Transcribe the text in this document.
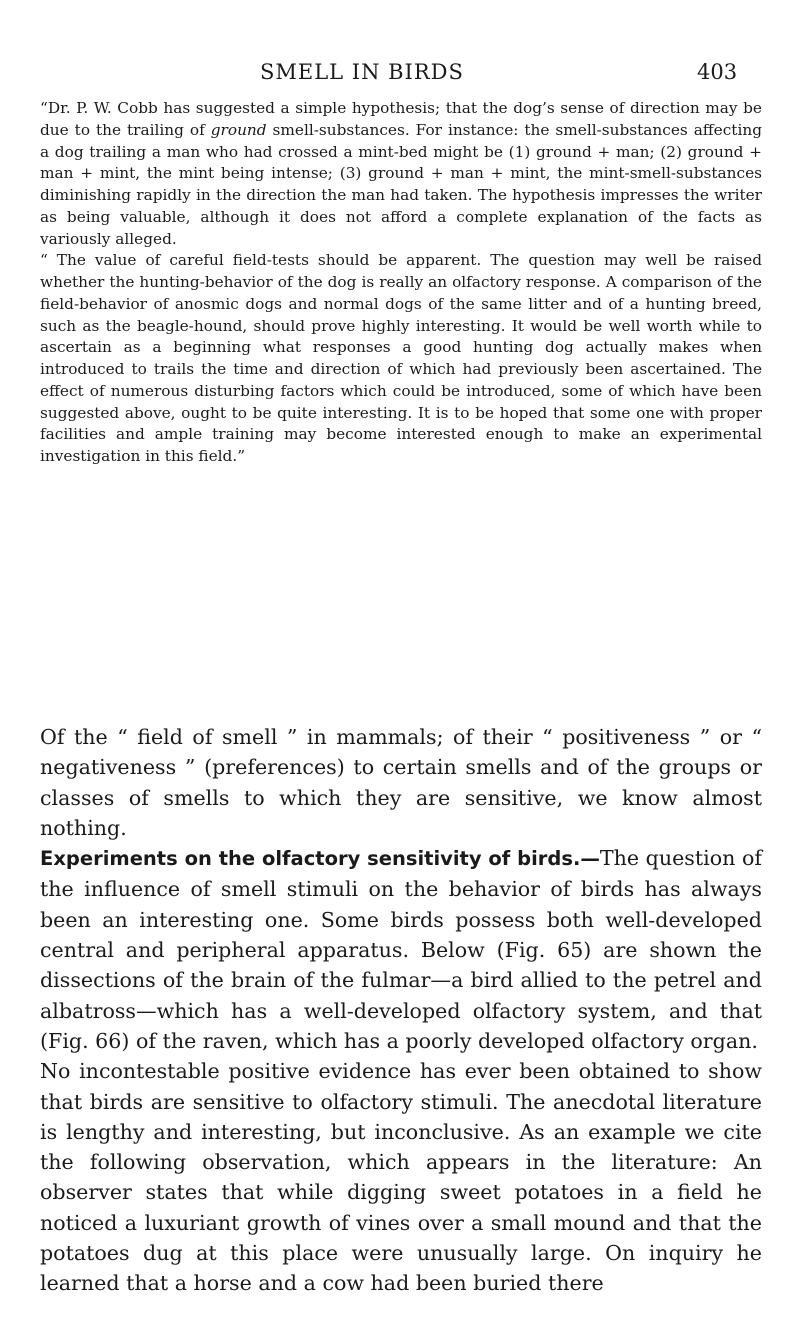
SMELL IN BIRDS	403

“Dr. P. W. Cobb has suggested a simple hypothesis; that the dog’s sense of direction may be due to the trailing of ground smell-substances. For instance: the smell-substances affecting a dog trailing a man who had crossed a mint-bed might be (1) ground + man; (2) ground + man + mint, the mint being intense; (3) ground + man + mint, the mint-smell-substances diminishing rapidly in the direction the man had taken. The hypothesis impresses the writer as being valuable, although it does not afford a complete explanation of the facts as variously alleged.

“ The value of careful field-tests should be apparent. The question may well be raised whether the hunting-behavior of the dog is really an olfactory response. A comparison of the field-behavior of anosmic dogs and normal dogs of the same litter and of a hunting breed, such as the beagle-hound, should prove highly interesting. It would be well worth while to ascertain as a beginning what responses a good hunting dog actually makes when introduced to trails the time and direction of which had previously been ascertained. The effect of numerous disturbing factors which could be introduced, some of which have been suggested above, ought to be quite interesting. It is to be hoped that some one with proper facilities and ample training may become interested enough to make an experimental investigation in this field.”

Of the “ field of smell ” in mammals; of their “ positiveness ” or “ negativeness ” (preferences) to certain smells and of the groups or classes of smells to which they are sensitive, we know almost nothing.

Experiments on the olfactory sensitivity of birds.—The question of the influence of smell stimuli on the behavior of birds has always been an interesting one. Some birds possess both well-developed central and peripheral apparatus. Below (Fig. 65) are shown the dissections of the brain of the fulmar—a bird allied to the petrel and albatross—which has a well-developed olfactory system, and that (Fig. 66) of the raven, which has a poorly developed olfactory organ.

No incontestable positive evidence has ever been obtained to show that birds are sensitive to olfactory stimuli. The anecdotal literature is lengthy and interesting, but inconclusive. As an example we cite the following observation, which appears in the literature: An observer states that while digging sweet potatoes in a field he noticed a luxuriant growth of vines over a small mound and that the potatoes dug at this place were unusually large. On inquiry he learned that a horse and a cow had been buried there
